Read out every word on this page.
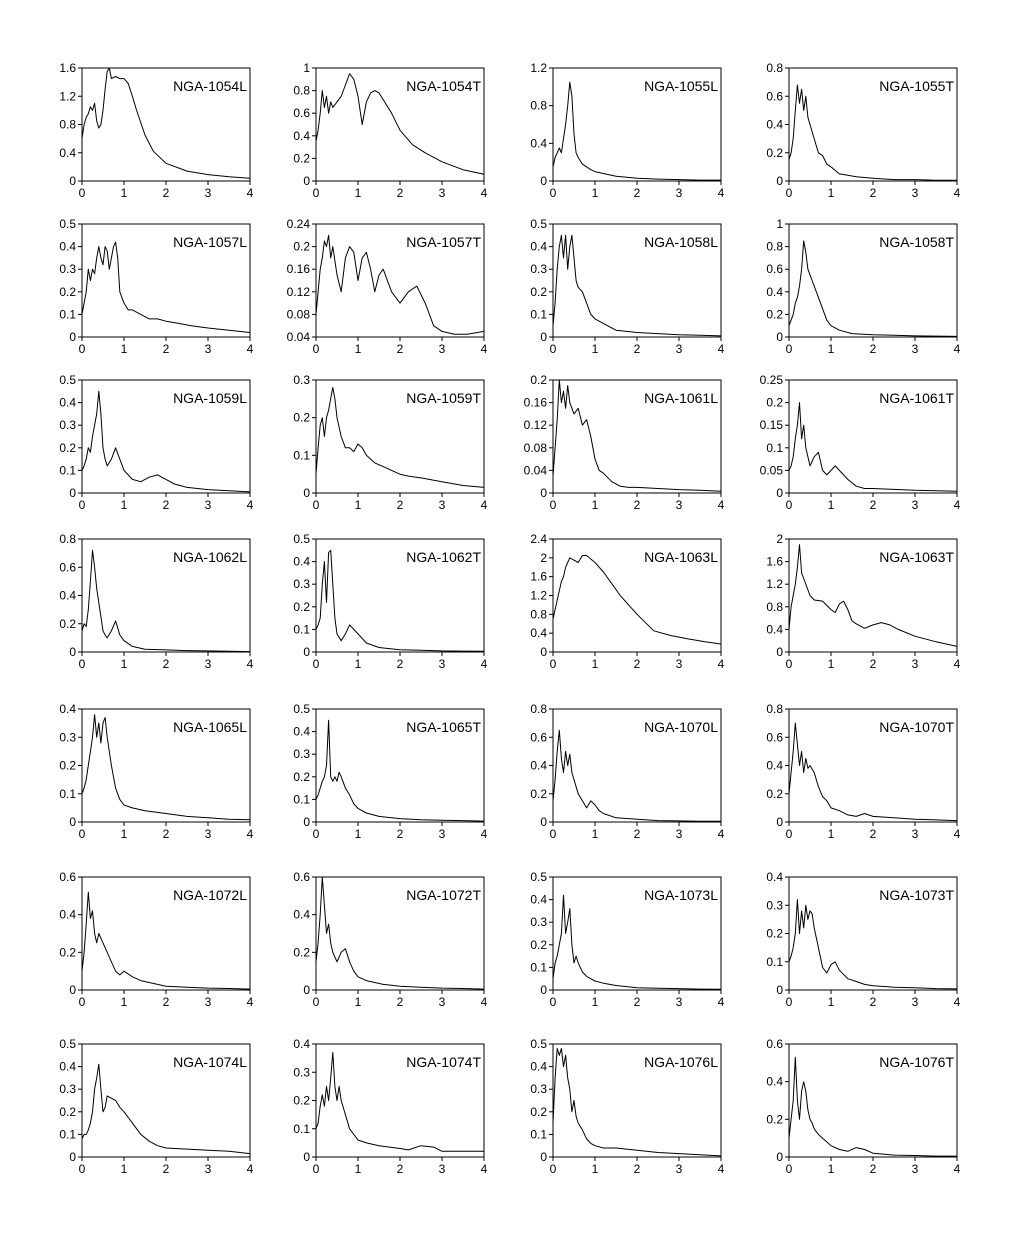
0	1	2	3	4
0
0.4
0.8
1.2
1.6
NGA-1054L
0	1	2	3	4
0
0.2
0.4
0.6
0.8
1
NGA-1054T
0	1	2	3	4
0
0.4
0.8
1.2
NGA-1055L
0	1	2	3	4
0
0.2
0.4
0.6
0.8
NGA-1055T
0	1	2	3	4
0
0.1
0.2
0.3
0.4
0.5
NGA-1057L
0	1	2	3	4
0.04
0.08
0.12
0.16
0.2
0.24
NGA-1057T
0	1	2	3	4
0
0.1
0.2
0.3
0.4
0.5
NGA-1058L
0	1	2	3	4
0
0.2
0.4
0.6
0.8
1
NGA-1058T
0	1	2	3	4
0
0.1
0.2
0.3
0.4
0.5
NGA-1059L
0	1	2	3	4
0
0.1
0.2
0.3
NGA-1059T
0	1	2	3	4
0
0.04
0.08
0.12
0.16
0.2
NGA-1061L
0	1	2	3	4
0
0.05
0.1
0.15
0.2
0.25
NGA-1061T
0	1	2	3	4
0
0.2
0.4
0.6
0.8
NGA-1062L
0	1	2	3	4
0
0.1
0.2
0.3
0.4
0.5
NGA-1062T
0	1	2	3	4
0
0.4
0.8
1.2
1.6
2
2.4
NGA-1063L
0	1	2	3	4
0
0.4
0.8
1.2
1.6
2
NGA-1063T
0	1	2	3	4
0
0.1
0.2
0.3
0.4
NGA-1065L
0	1	2	3	4
0
0.1
0.2
0.3
0.4
0.5
NGA-1065T
0	1	2	3	4
0
0.2
0.4
0.6
0.8
NGA-1070L
0	1	2	3	4
0
0.2
0.4
0.6
0.8
NGA-1070T
0	1	2	3	4
0
0.2
0.4
0.6
NGA-1072L
0	1	2	3	4
0
0.2
0.4
0.6
NGA-1072T
0	1	2	3	4
0
0.1
0.2
0.3
0.4
0.5
NGA-1073L
0	1	2	3	4
0
0.1
0.2
0.3
0.4
NGA-1073T
0	1	2	3	4
0
0.1
0.2
0.3
0.4
0.5
NGA-1074L
0	1	2	3	4
0
0.1
0.2
0.3
0.4
NGA-1074T
0	1	2	3	4
0
0.1
0.2
0.3
0.4
0.5
NGA-1076L
0	1	2	3	4
0
0.2
0.4
0.6
NGA-1076T
